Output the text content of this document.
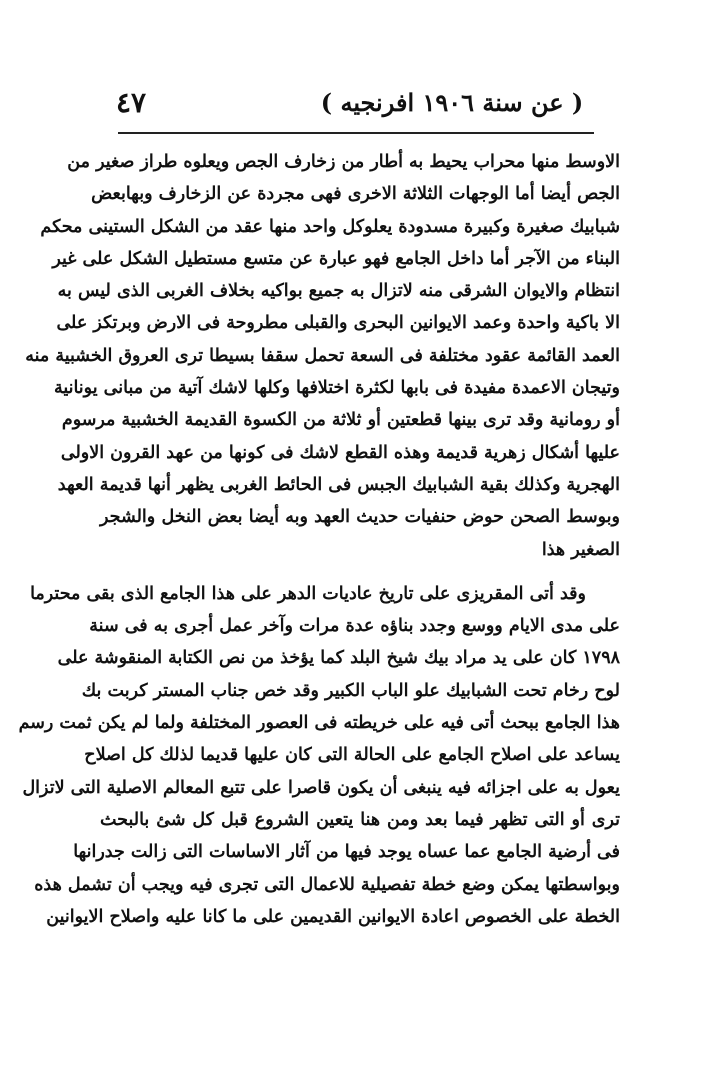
٤٧	( عن سنة ١٩٠٦ افرنجيه )
الاوسط منها محراب يحيط به أطار من زخارف الجص ويعلوه طراز صغير من
الجص أيضا أما الوجهات الثلاثة الاخرى فهى مجردة عن الزخارف وبهابعض
شبابيك صغيرة وكبيرة مسدودة يعلوكل واحد منها عقد من الشكل الستينى محكم
البناء من الآجر أما داخل الجامع فهو عبارة عن متسع مستطيل الشكل على غير
انتظام والايوان الشرقى منه لاتزال به جميع بواكيه بخلاف الغربى الذى ليس به
الا باكية واحدة وعمد الايوانين البحرى والقبلى مطروحة فى الارض وبرتكز على
العمد القائمة عقود مختلفة فى السعة تحمل سقفا بسيطا ترى العروق الخشبية منه
وتيجان الاعمدة مفيدة فى بابها لكثرة اختلافها وكلها لاشك آتية من مبانى يونانية
أو رومانية وقد ترى بينها قطعتين أو ثلاثة من الكسوة القديمة الخشبية مرسوم
عليها أشكال زهرية قديمة وهذه القطع لاشك فى كونها من عهد القرون الاولى
الهجرية وكذلك بقية الشبابيك الجبس فى الحائط الغربى يظهر أنها قديمة العهد
وبوسط الصحن حوض حنفيات حديث العهد وبه أيضا بعض النخل والشجر
الصغير هذا
وقد أتى المقريزى على تاريخ عاديات الدهر على هذا الجامع الذى بقى محترما
على مدى الايام ووسع وجدد بناؤه عدة مرات وآخر عمل أجرى به فى سنة
١٧٩٨ كان على يد مراد بيك شيخ البلد كما يؤخذ من نص الكتابة المنقوشة على
لوح رخام تحت الشبابيك علو الباب الكبير وقد خص جناب المستر كربت بك
هذا الجامع ببحث أتى فيه على خريطته فى العصور المختلفة ولما لم يكن ثمت رسم
يساعد على اصلاح الجامع على الحالة التى كان عليها قديما لذلك كل اصلاح
يعول به على اجزائه فيه ينبغى أن يكون قاصرا على تتبع المعالم الاصلية التى لاتزال
ترى أو التى تظهر فيما بعد ومن هنا يتعين الشروع قبل كل شئ بالبحث
فى أرضية الجامع عما عساه يوجد فيها من آثار الاساسات التى زالت جدرانها
وبواسطتها يمكن وضع خطة تفصيلية للاعمال التى تجرى فيه ويجب أن تشمل هذه
الخطة على الخصوص اعادة الايوانين القديمين على ما كانا عليه واصلاح الايوانين
